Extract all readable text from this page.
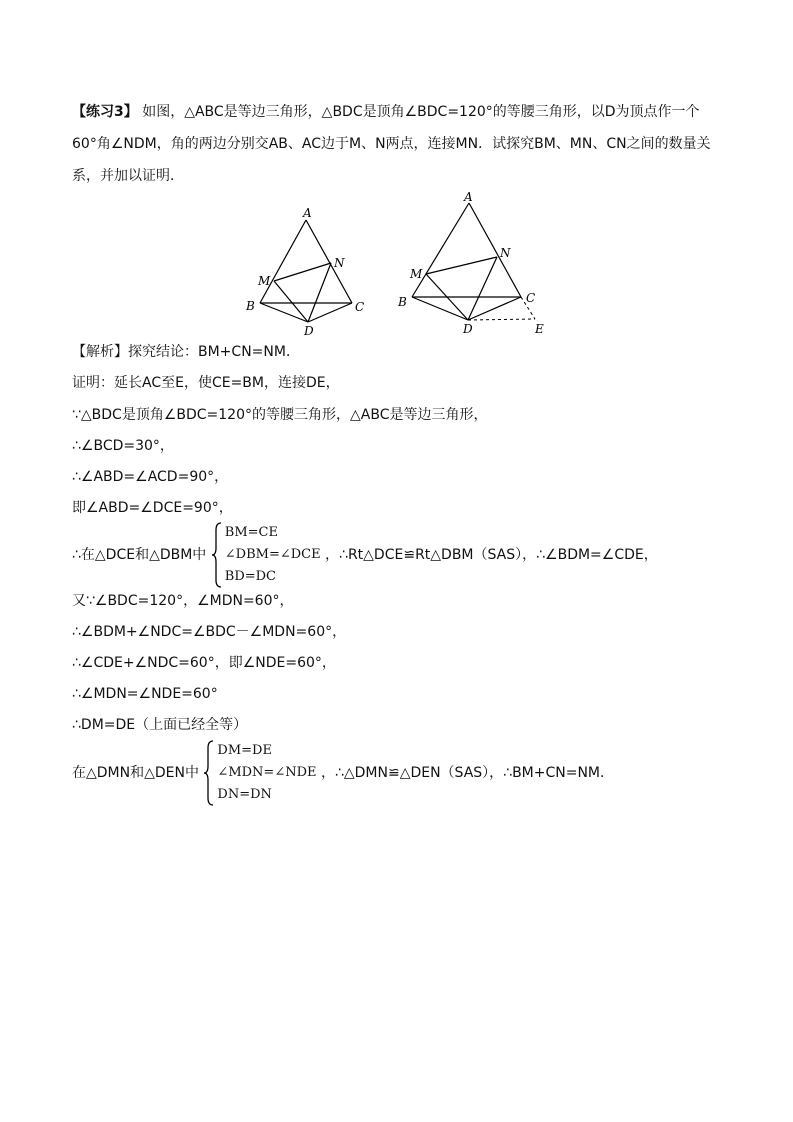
【练习3】 如图，△ABC是等边三角形，△BDC是顶角∠BDC=120°的等腰三角形，以D为顶点作一个60°角∠NDM，角的两边分别交AB、AC边于M、N两点，连接MN．试探究BM、MN、CN之间的数量关系，并加以证明．
A
B	C
D
M
N
A
B	C
D
M
N
E
【解析】探究结论：BM+CN=NM．
证明：延长AC至E，使CE=BM，连接DE，
∵△BDC是顶角∠BDC=120°的等腰三角形，△ABC是等边三角形，
∴∠BCD=30°，
∴∠ABD=∠ACD=90°，
即∠ABD=∠DCE=90°，
∴在△DCE和△DBM中
BM=CE
∠DBM=∠DCE
BD=DC
，∴Rt△DCE≌Rt△DBM（SAS），∴∠BDM=∠CDE，
又∵∠BDC=120°，∠MDN=60°，
∴∠BDM+∠NDC=∠BDC－∠MDN=60°，
∴∠CDE+∠NDC=60°，即∠NDE=60°，
∴∠MDN=∠NDE=60°
∴DM=DE（上面已经全等）
在△DMN和△DEN中
DM=DE
∠MDN=∠NDE
DN=DN
，∴△DMN≌△DEN（SAS），∴BM+CN=NM．
